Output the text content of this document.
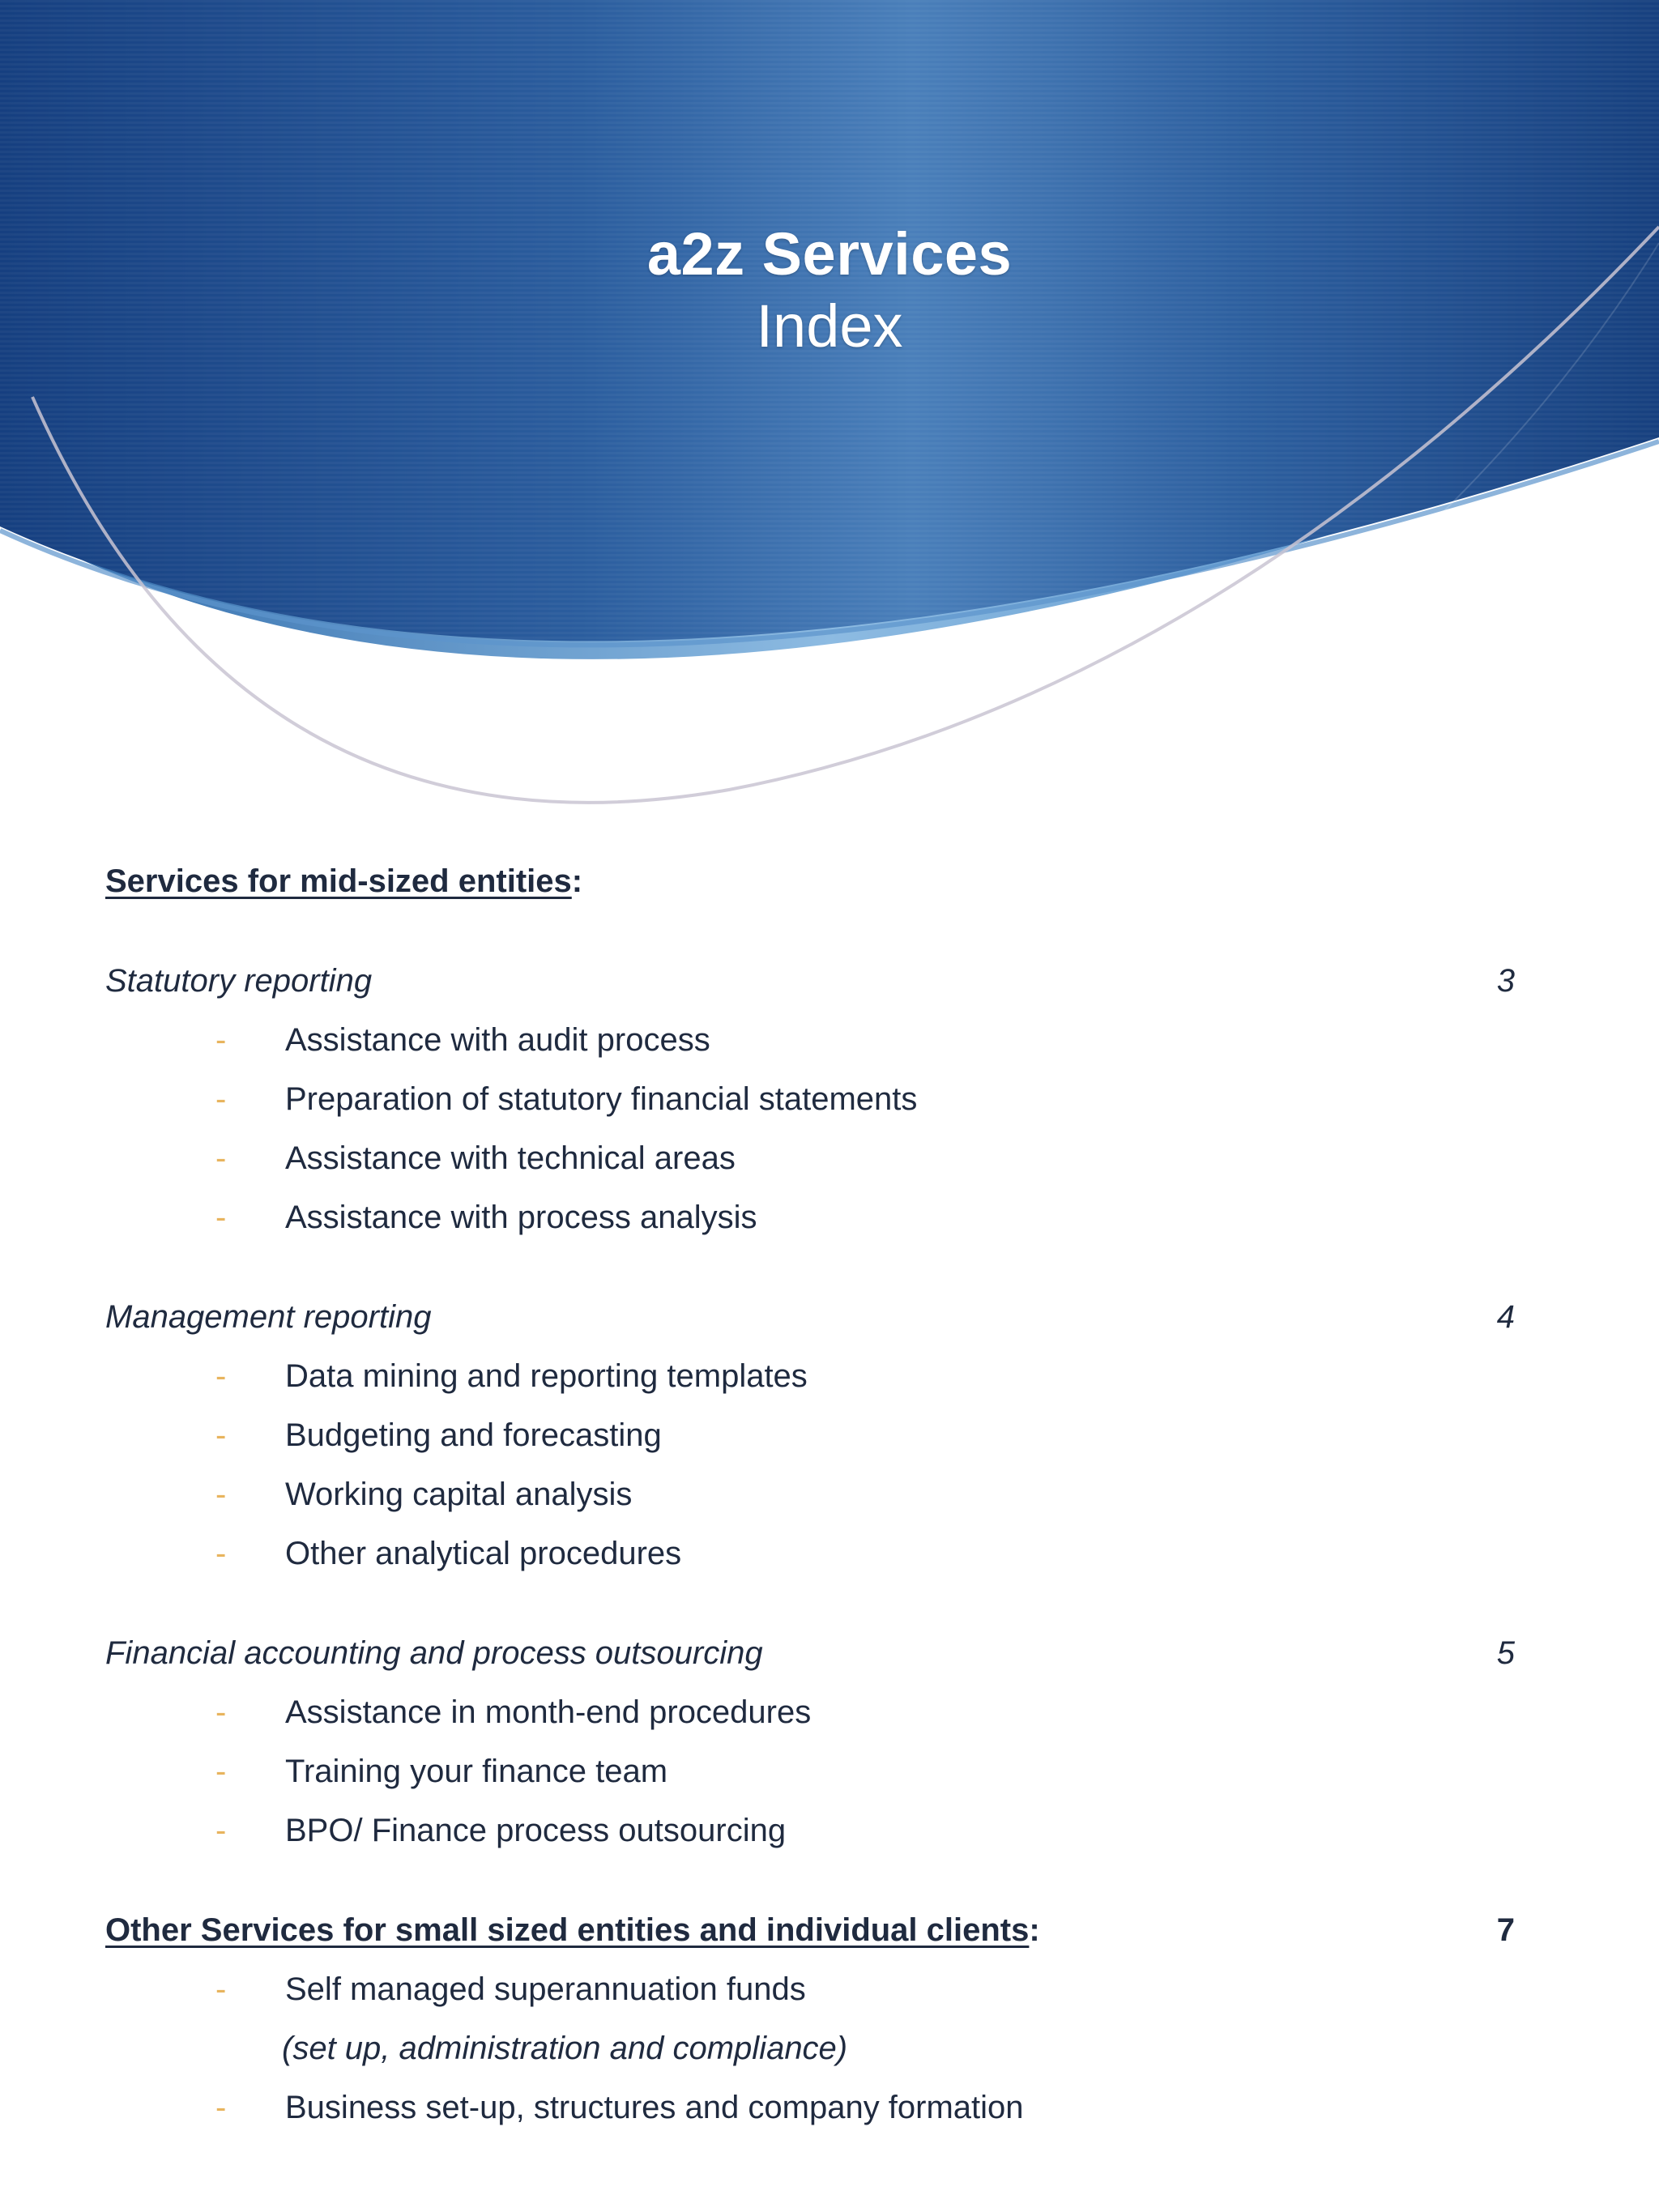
a2z Services
Index
Services for mid-sized entities:
Statutory reporting	3
- Assistance with audit process
- Preparation of statutory financial statements
- Assistance with technical areas
- Assistance with process analysis
Management reporting	4
- Data mining and reporting templates
- Budgeting and forecasting
- Working capital analysis
- Other analytical procedures
Financial accounting and process outsourcing	5
- Assistance in month-end procedures
- Training your finance team
- BPO/ Finance process outsourcing
Other Services for small sized entities and individual clients:	7
- Self managed superannuation funds
(set up, administration and compliance)
- Business set-up, structures and company formation
